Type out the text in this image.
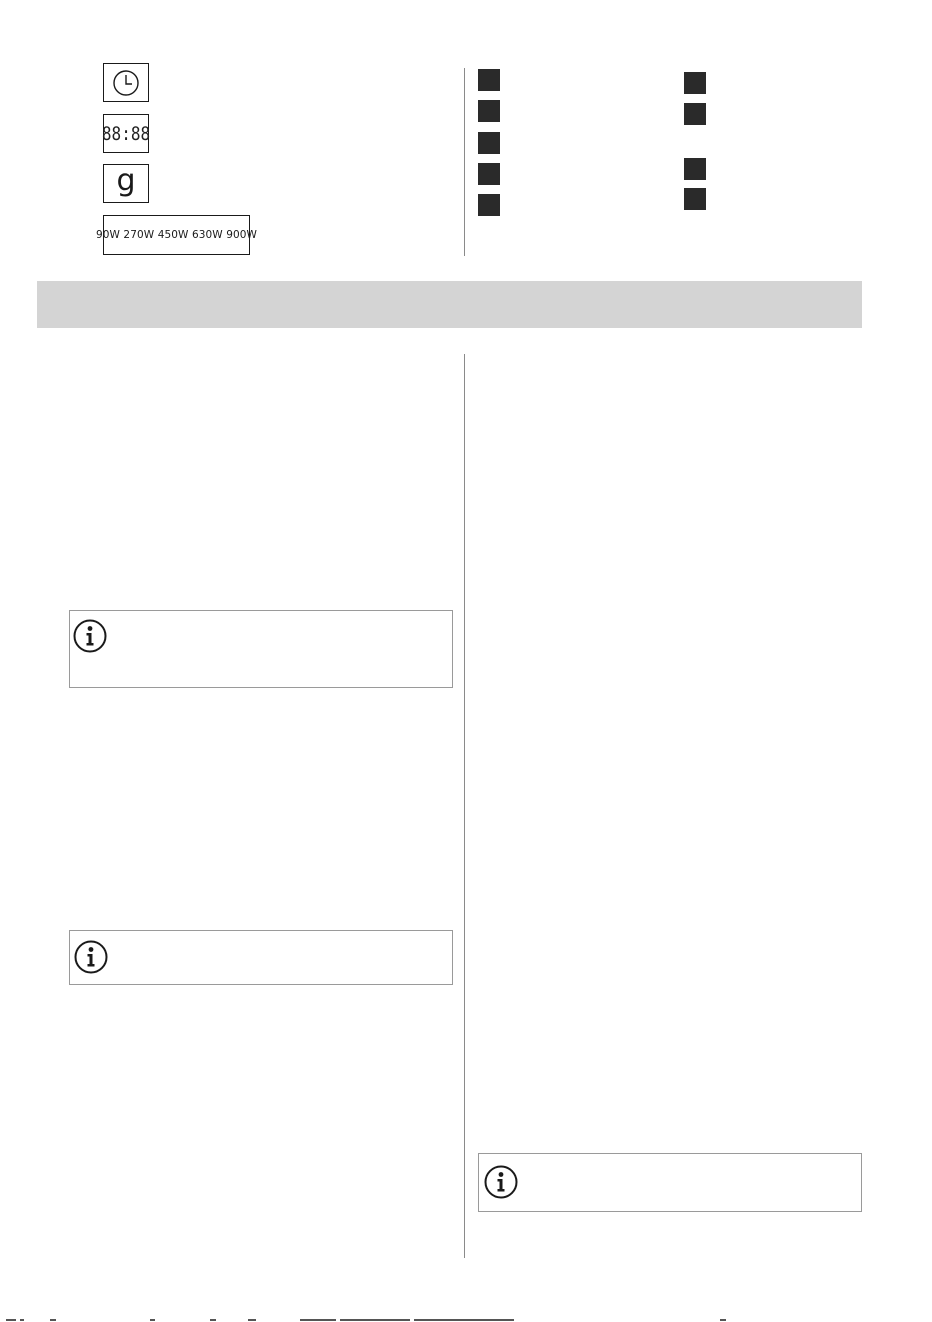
88:88
g
90W 270W 450W 630W 900W
